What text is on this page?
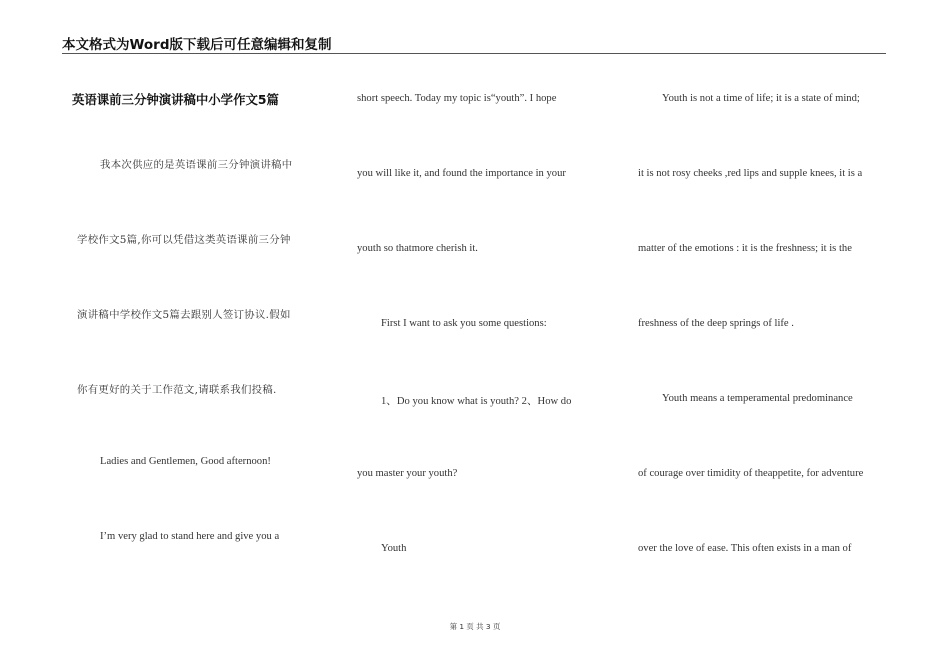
本文格式为Word版下载后可任意编辑和复制
英语课前三分钟演讲稿中小学作文5篇
我本次供应的是英语课前三分钟演讲稿中
学校作文5篇,你可以凭借这类英语课前三分钟
演讲稿中学校作文5篇去跟别人签订协议.假如
你有更好的关于工作范文,请联系我们投稿.
Ladies and Gentlemen, Good afternoon!
I’m very glad to stand here and give you a
short speech. Today my topic is“youth”. I hope
you will like it, and found the importance in your
youth so thatmore cherish it.
First I want to ask you some questions:
1、Do you know what is youth? 2、How do
you master your youth?
Youth
Youth is not a time of life; it is a state of mind;
it is not rosy cheeks ,red lips and supple knees, it is a
matter of the emotions : it is the freshness; it is the
freshness of the deep springs of life .
Youth means a temperamental predominance
of courage over timidity of theappetite, for adventure
over the love of ease. This often exists in a man of
第 1 页 共 3 页
